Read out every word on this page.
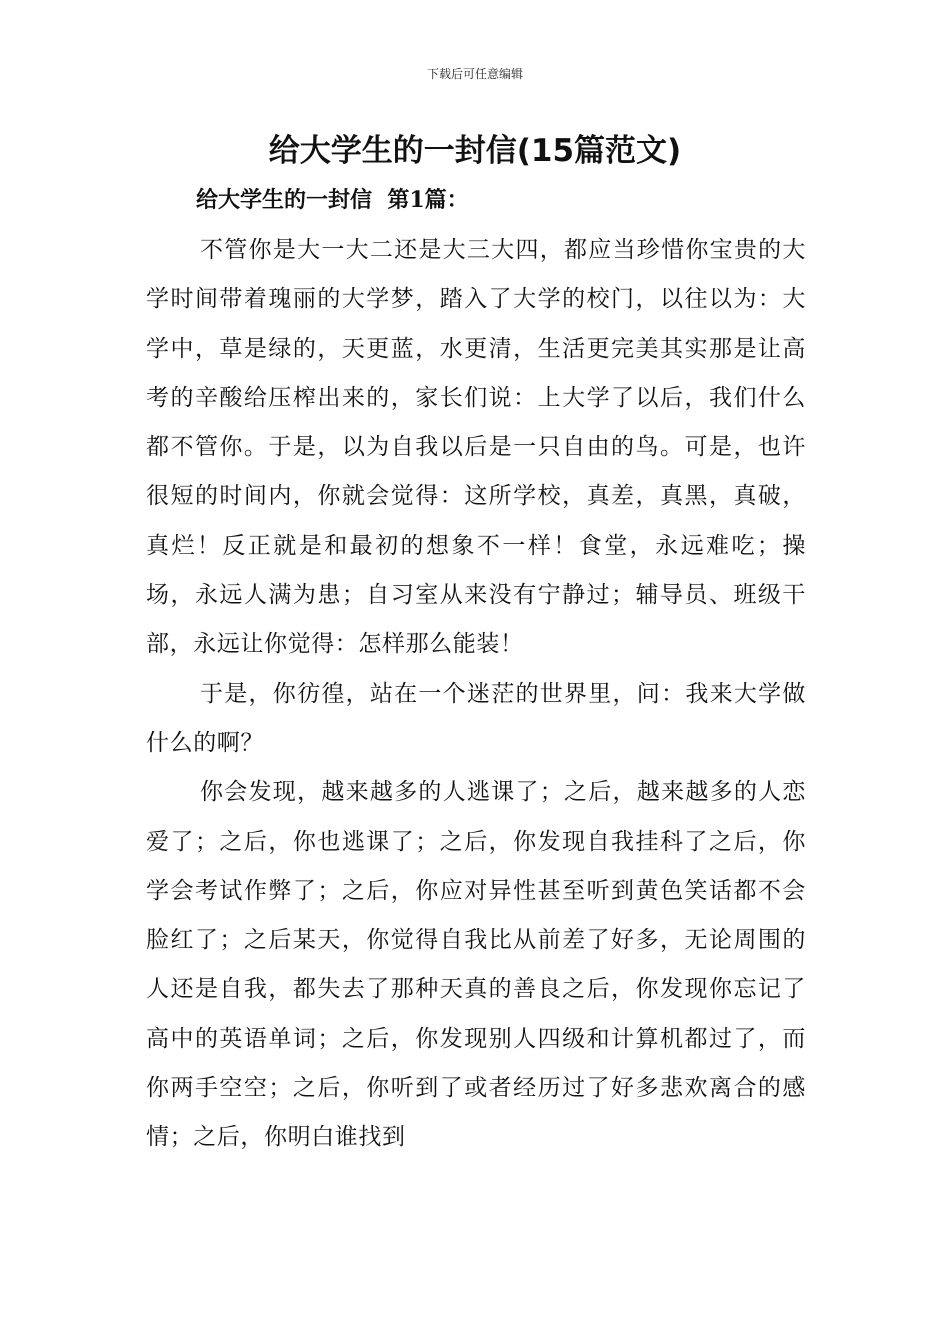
下载后可任意编辑
给大学生的一封信(15篇范文)
给大学生的一封信  第1篇：

不管你是大一大二还是大三大四，都应当珍惜你宝贵的大学时间带着瑰丽的大学梦，踏入了大学的校门，以往以为：大学中，草是绿的，天更蓝，水更清，生活更完美其实那是让高考的辛酸给压榨出来的，家长们说：上大学了以后，我们什么都不管你。于是，以为自我以后是一只自由的鸟。可是，也许很短的时间内，你就会觉得：这所学校，真差，真黑，真破，真烂！反正就是和最初的想象不一样！食堂，永远难吃；操场，永远人满为患；自习室从来没有宁静过；辅导员、班级干部，永远让你觉得：怎样那么能装！

于是，你彷徨，站在一个迷茫的世界里，问：我来大学做什么的啊？

你会发现，越来越多的人逃课了；之后，越来越多的人恋爱了；之后，你也逃课了；之后，你发现自我挂科了之后，你学会考试作弊了；之后，你应对异性甚至听到黄色笑话都不会脸红了；之后某天，你觉得自我比从前差了好多，无论周围的人还是自我，都失去了那种天真的善良之后，你发现你忘记了高中的英语单词；之后，你发现别人四级和计算机都过了，而你两手空空；之后，你听到了或者经历过了好多悲欢离合的感情；之后，你明白谁找到
